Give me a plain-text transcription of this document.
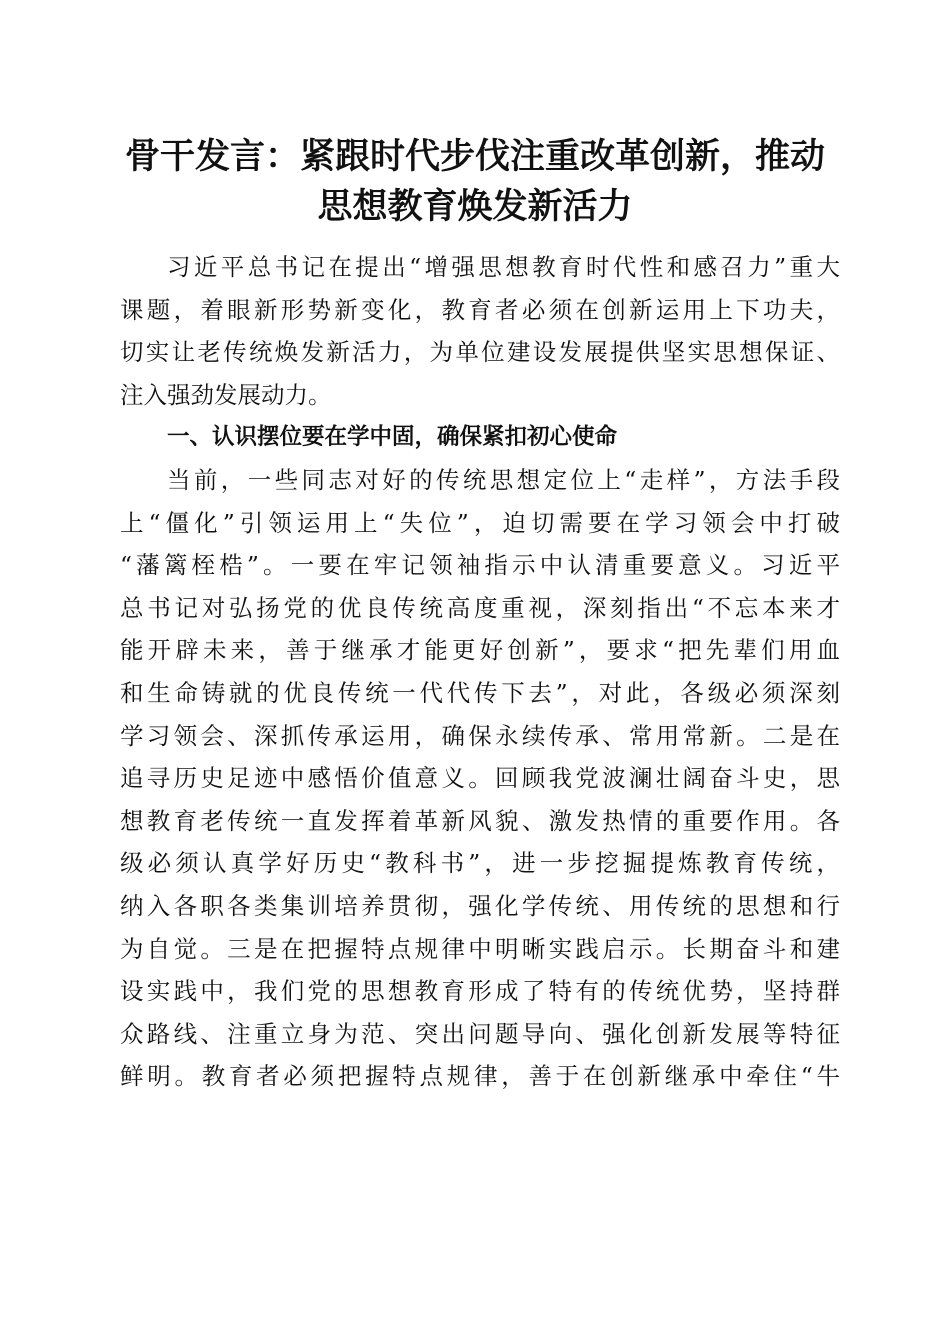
骨干发言：紧跟时代步伐注重改革创新，推动
思想教育焕发新活力
习近平总书记在提出“增强思想教育时代性和感召力”重大
课题，着眼新形势新变化，教育者必须在创新运用上下功夫，
切实让老传统焕发新活力，为单位建设发展提供坚实思想保证、
注入强劲发展动力。
一、认识摆位要在学中固，确保紧扣初心使命
当前，一些同志对好的传统思想定位上“走样”，方法手段
上“僵化”引领运用上“失位”，迫切需要在学习领会中打破
“藩篱桎梏”。一要在牢记领袖指示中认清重要意义。习近平
总书记对弘扬党的优良传统高度重视，深刻指出“不忘本来才
能开辟未来，善于继承才能更好创新”，要求“把先辈们用血
和生命铸就的优良传统一代代传下去”，对此，各级必须深刻
学习领会、深抓传承运用，确保永续传承、常用常新。二是在
追寻历史足迹中感悟价值意义。回顾我党波澜壮阔奋斗史，思
想教育老传统一直发挥着革新风貌、激发热情的重要作用。各
级必须认真学好历史“教科书”，进一步挖掘提炼教育传统，
纳入各职各类集训培养贯彻，强化学传统、用传统的思想和行
为自觉。三是在把握特点规律中明晰实践启示。长期奋斗和建
设实践中，我们党的思想教育形成了特有的传统优势，坚持群
众路线、注重立身为范、突出问题导向、强化创新发展等特征
鲜明。教育者必须把握特点规律，善于在创新继承中牵住“牛
